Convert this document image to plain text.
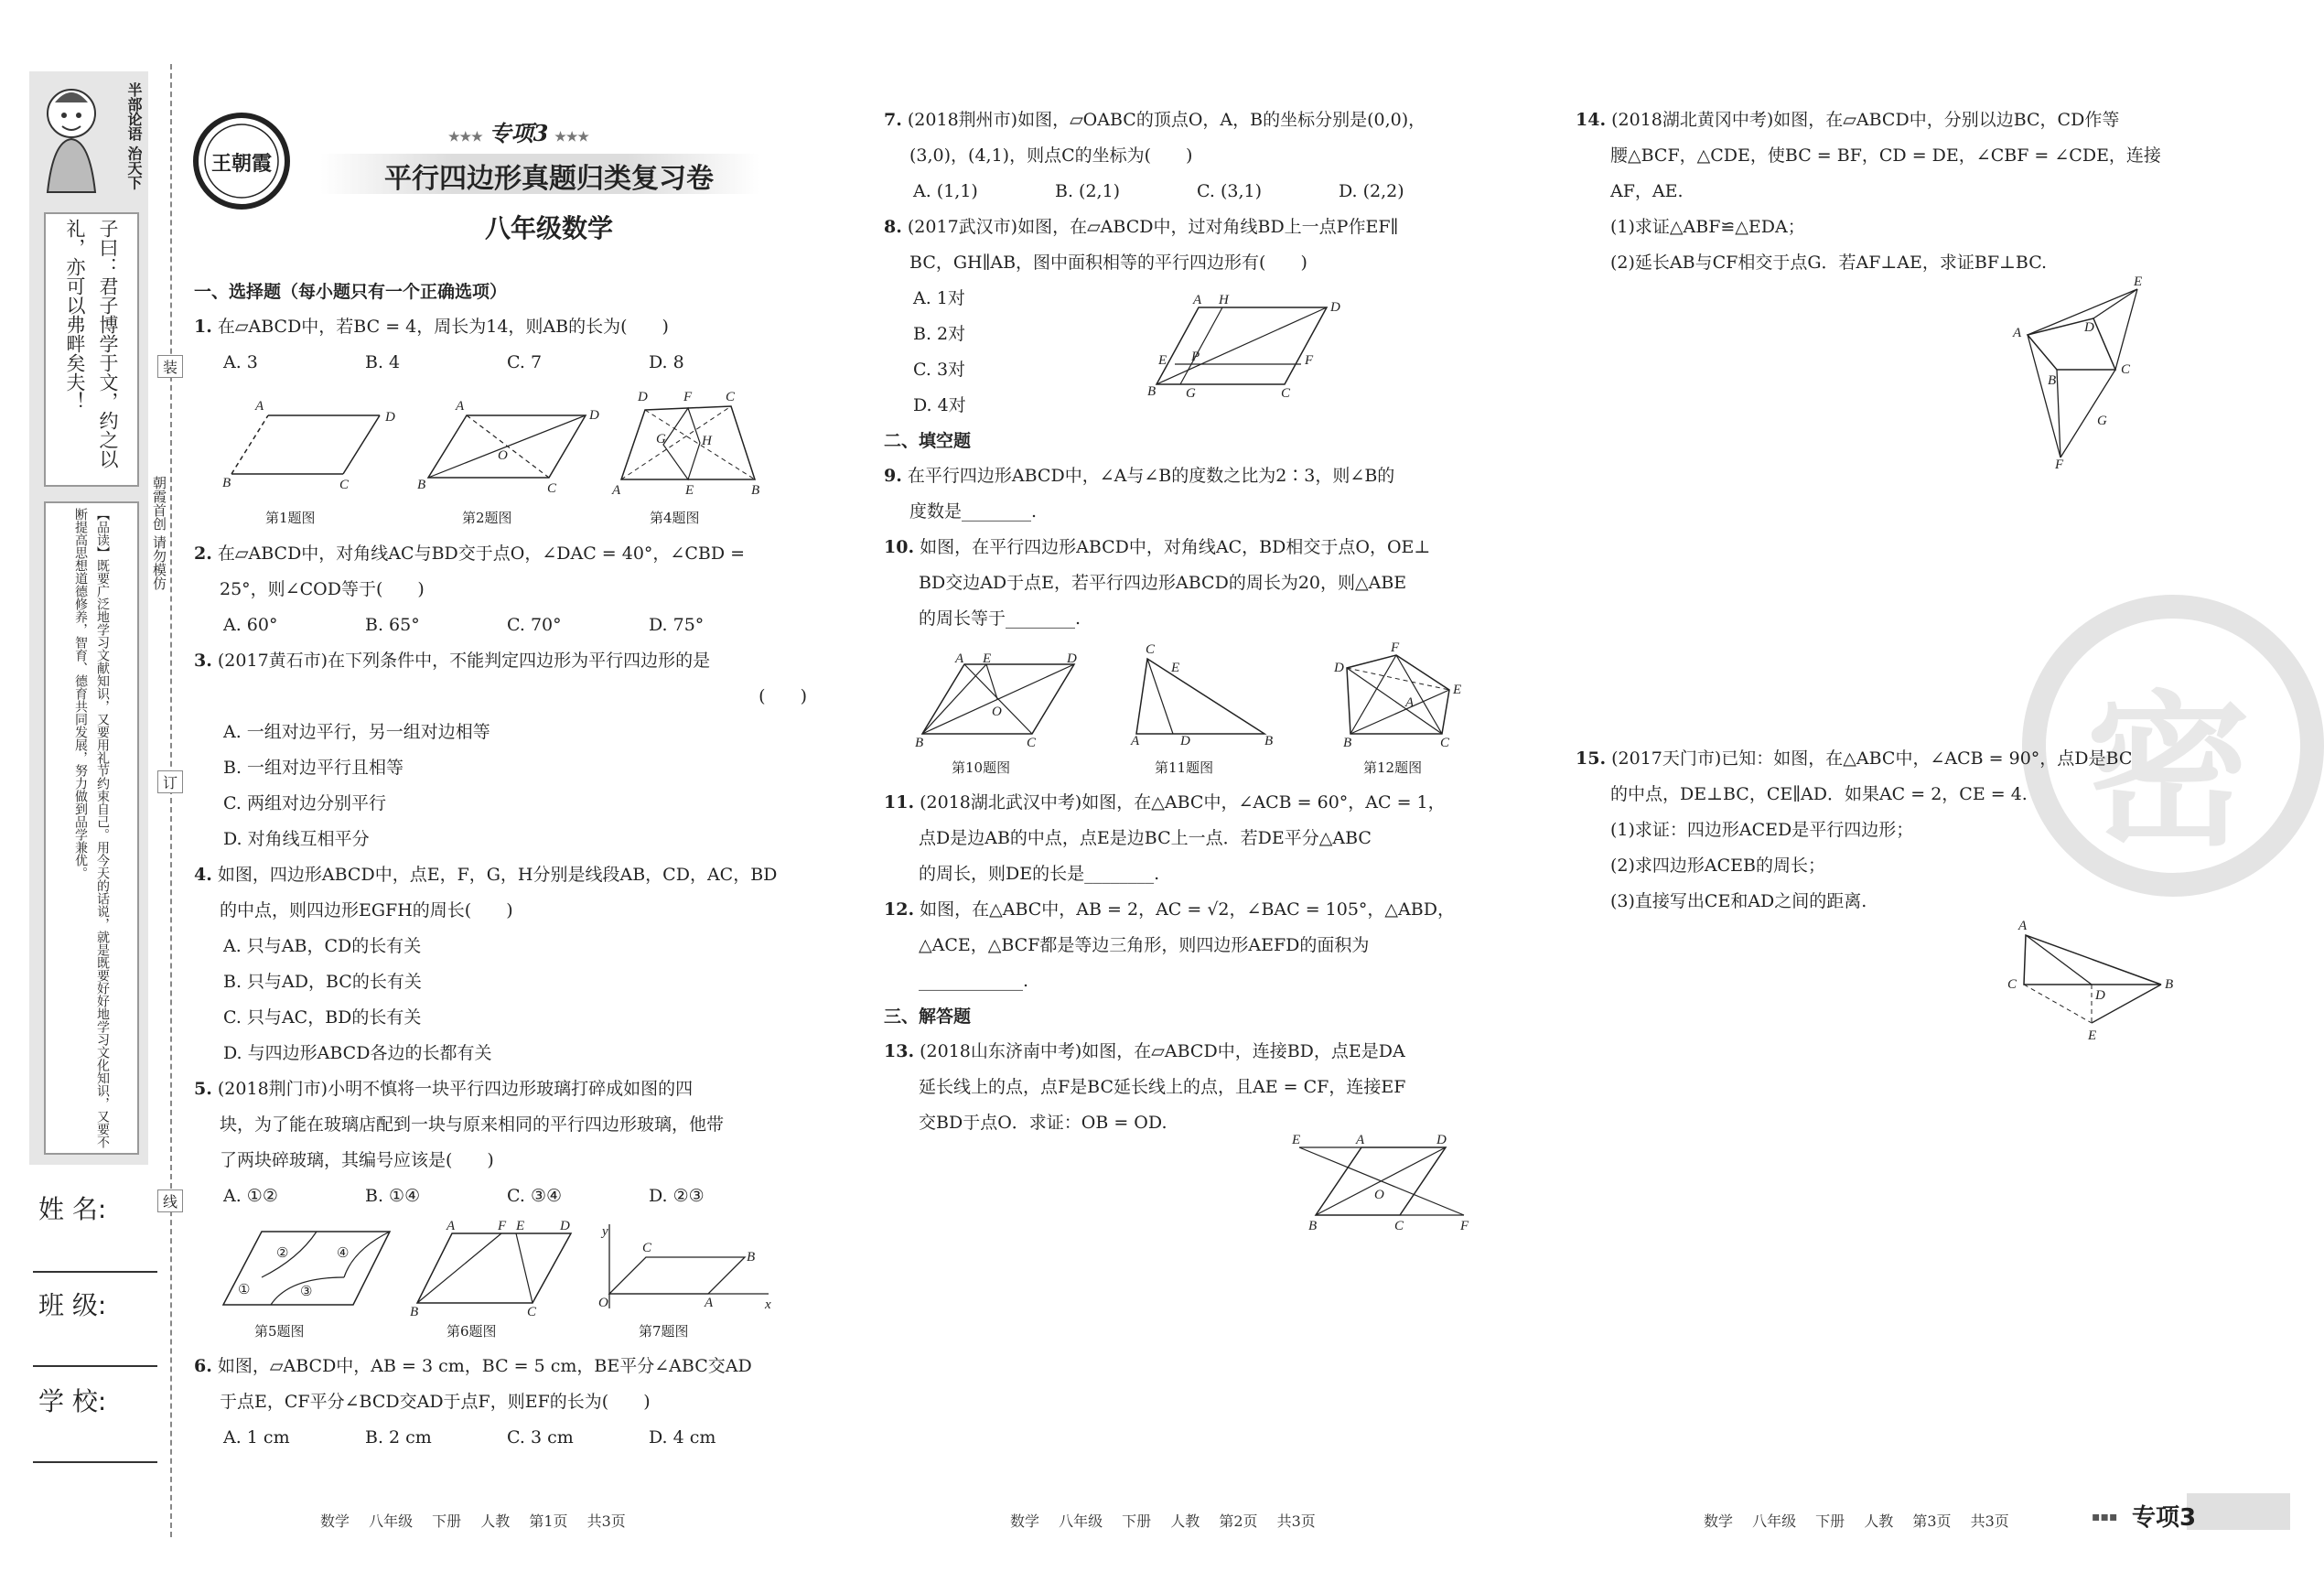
半部论语 治天下
子曰：君子博学于文，约之以礼，亦可以弗畔矣夫！
【品读】既要广泛地学习文献知识，又要用礼节约束自己。用今天的话说，就是既要好好地学习文化知识，又要不断提高思想道德修养，智育、德育共同发展，努力做到品学兼优。
装
朝霞首创 请勿模仿
订
线
姓 名:
班 级:
学 校:
王朝霞
★★★ 专项3 ★★★
平行四边形真题归类复习卷
八年级数学
一、选择题（每小题只有一个正确选项）
1. 在▱ABCD中，若BC = 4，周长为14，则AB的长为(　　)
A. 3	B. 4	C. 7	D. 8
A
D
B	C
第1题图
A
D
B	C
O
第2题图
D	F C
G	H
A	E	B
第4题图
2. 在▱ABCD中，对角线AC与BD交于点O，∠DAC = 40°，∠CBD =
25°，则∠COD等于(　　)
A. 60°	B. 65°	C. 70°	D. 75°
3. (2017黄石市)在下列条件中，不能判定四边形为平行四边形的是
(　　)
A. 一组对边平行，另一组对边相等
B. 一组对边平行且相等
C. 两组对边分别平行
D. 对角线互相平分
4. 如图，四边形ABCD中，点E，F，G，H分别是线段AB，CD，AC，BD
的中点，则四边形EGFH的周长(　　)
A. 只与AB，CD的长有关
B. 只与AD，BC的长有关
C. 只与AC，BD的长有关
D. 与四边形ABCD各边的长都有关
5. (2018荆门市)小明不慎将一块平行四边形玻璃打碎成如图的四
块，为了能在玻璃店配到一块与原来相同的平行四边形玻璃，他带
了两块碎玻璃，其编号应该是(　　)
A. ①②	B. ①④	C. ③④	D. ②③
②	④
①	③
第5题图
A	F E	D
B	C
第6题图
y
x
O
C
B
A
第7题图
6. 如图，▱ABCD中，AB = 3 cm，BC = 5 cm，BE平分∠ABC交AD
于点E，CF平分∠BCD交AD于点F，则EF的长为(　　)
A. 1 cm	B. 2 cm	C. 3 cm	D. 4 cm
数学 八年级 下册 人教 第1页 共3页
7. (2018荆州市)如图，▱OABC的顶点O，A，B的坐标分别是(0,0)，
(3,0)，(4,1)，则点C的坐标为(　　)
A. (1,1)	B. (2,1)	C. (3,1)	D. (2,2)
8. (2017武汉市)如图，在▱ABCD中，过对角线BD上一点P作EF∥
BC，GH∥AB，图中面积相等的平行四边形有(　　)
A. 1对
B. 2对
C. 3对
D. 4对
二、填空题
9. 在平行四边形ABCD中，∠A与∠B的度数之比为2∶3，则∠B的
度数是________.
10. 如图，在平行四边形ABCD中，对角线AC，BD相交于点O，OE⊥
BD交边AD于点E，若平行四边形ABCD的周长为20，则△ABE
的周长等于________.
A H	D
P
E	F
B G	C
A E	D
O
B	C
第10题图
C
E
A	D	B
第11题图
F
D
E
A
B	C
第12题图
11. (2018湖北武汉中考)如图，在△ABC中，∠ACB = 60°，AC = 1，
点D是边AB的中点，点E是边BC上一点．若DE平分△ABC
的周长，则DE的长是________.
12. 如图，在△ABC中，AB = 2，AC = √2，∠BAC = 105°，△ABD，
△ACE，△BCF都是等边三角形，则四边形AEFD的面积为
____________.
三、解答题
13. (2018山东济南中考)如图，在▱ABCD中，连接BD，点E是DA
延长线上的点，点F是BC延长线上的点，且AE = CF，连接EF
交BD于点O．求证：OB = OD.
E	A	D
O
B	C	F
数学 八年级 下册 人教 第2页 共3页
密
14. (2018湖北黄冈中考)如图，在▱ABCD中，分别以边BC，CD作等
腰△BCF，△CDE，使BC = BF，CD = DE，∠CBF = ∠CDE，连接
AF，AE.
(1)求证△ABF≌△EDA；
(2)延长AB与CF相交于点G．若AF⊥AE，求证BF⊥BC.
E
A	D
B
C
G
F
15. (2017天门市)已知：如图，在△ABC中，∠ACB = 90°，点D是BC
的中点，DE⊥BC，CE∥AD．如果AC = 2，CE = 4.
(1)求证：四边形ACED是平行四边形；
(2)求四边形ACEB的周长；
(3)直接写出CE和AD之间的距离.
A
C
D
B
E
数学 八年级 下册 人教 第3页 共3页	▪▪▪ 专项3
